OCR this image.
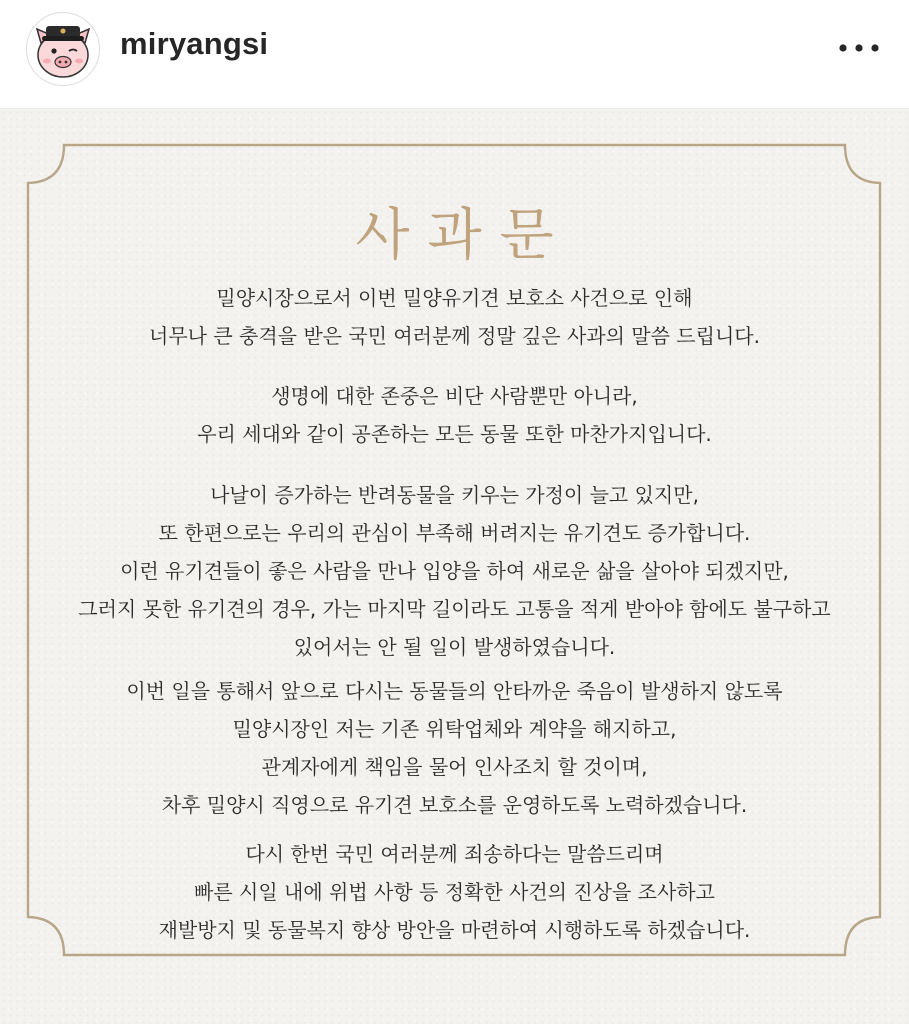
miryangsi
사과문
밀양시장으로서 이번 밀양유기견 보호소 사건으로 인해
너무나 큰 충격을 받은 국민 여러분께 정말 깊은 사과의 말씀 드립니다.
생명에 대한 존중은 비단 사람뿐만 아니라,
우리 세대와 같이 공존하는 모든 동물 또한 마찬가지입니다.
나날이 증가하는 반려동물을 키우는 가정이 늘고 있지만,
또 한편으로는 우리의 관심이 부족해 버려지는 유기견도 증가합니다.
이런 유기견들이 좋은 사람을 만나 입양을 하여 새로운 삶을 살아야 되겠지만,
그러지 못한 유기견의 경우, 가는 마지막 길이라도 고통을 적게 받아야 함에도 불구하고
있어서는 안 될 일이 발생하였습니다.
이번 일을 통해서 앞으로 다시는 동물들의 안타까운 죽음이 발생하지 않도록
밀양시장인 저는 기존 위탁업체와 계약을 해지하고,
관계자에게 책임을 물어 인사조치 할 것이며,
차후 밀양시 직영으로 유기견 보호소를 운영하도록 노력하겠습니다.
다시 한번 국민 여러분께 죄송하다는 말씀드리며
빠른 시일 내에 위법 사항 등 정확한 사건의 진상을 조사하고
재발방지 및 동물복지 향상 방안을 마련하여 시행하도록 하겠습니다.
